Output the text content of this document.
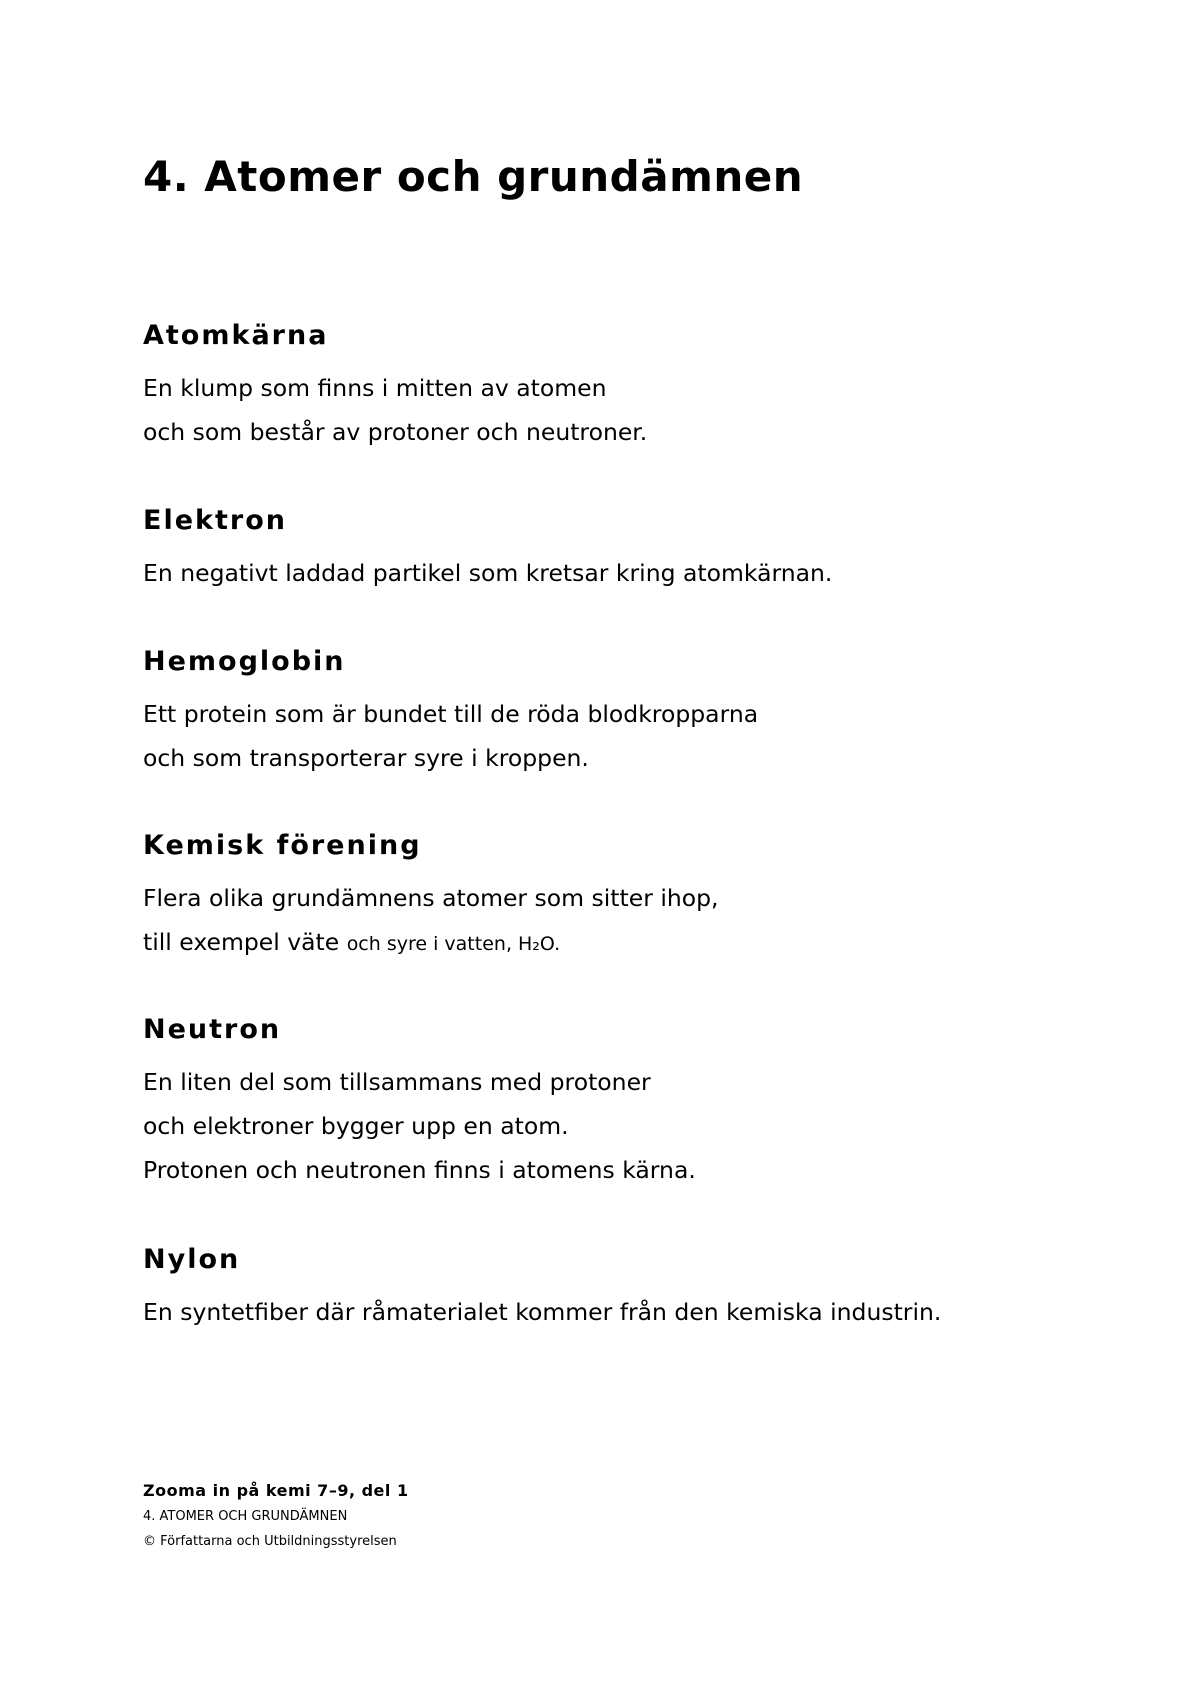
4. Atomer och grundämnen
Atomkärna

En klump som finns i mitten av atomen

och som består av protoner och neutroner.

Elektron

En negativt laddad partikel som kretsar kring atomkärnan.

Hemoglobin

Ett protein som är bundet till de röda blodkropparna

och som transporterar syre i kroppen.

Kemisk förening

Flera olika grundämnens atomer som sitter ihop,

till exempel väte och syre i vatten, H₂O.

Neutron

En liten del som tillsammans med protoner

och elektroner bygger upp en atom.

Protonen och neutronen finns i atomens kärna.

Nylon

En syntetfiber där råmaterialet kommer från den kemiska industrin.

Zooma in på kemi 7–9, del 1

4. ATOMER OCH GRUNDÄMNEN

© Författarna och Utbildningsstyrelsen
